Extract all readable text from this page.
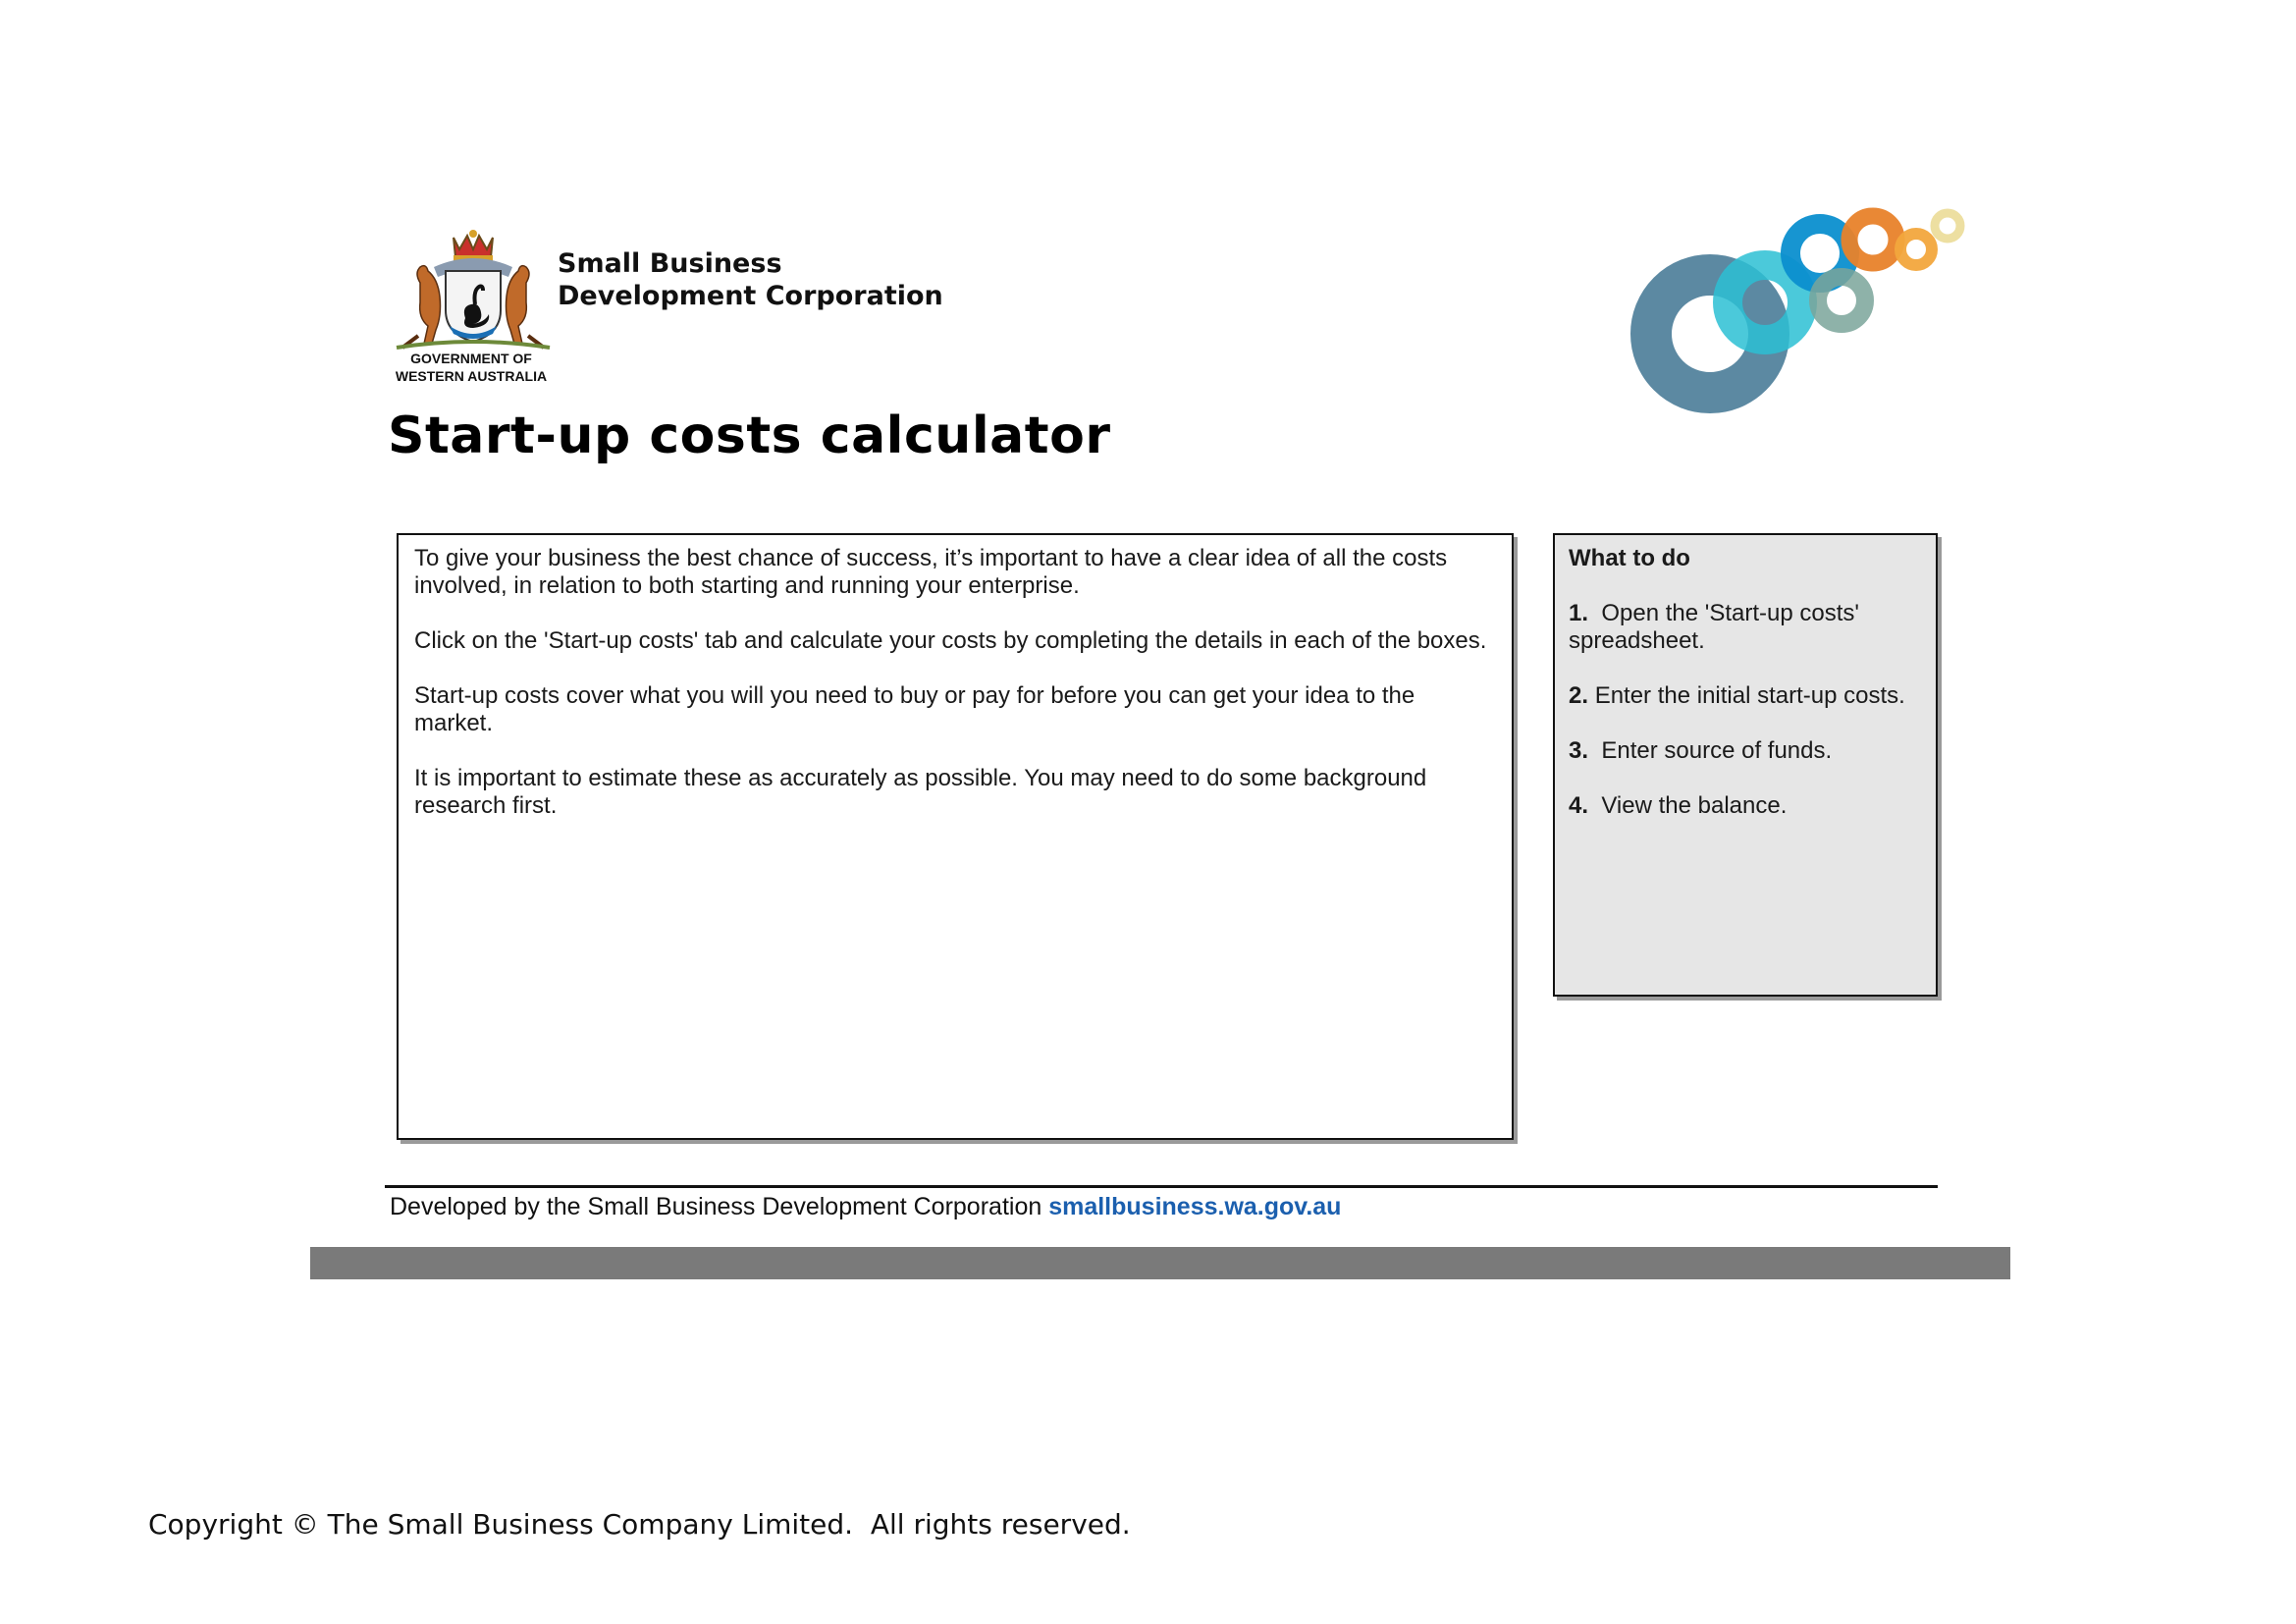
GOVERNMENT OF
WESTERN AUSTRALIA
Small Business
Development Corporation
Start-up costs calculator

To give your business the best chance of success, it’s important to have a clear idea of all the costs involved, in relation to both starting and running your enterprise.

Click on the 'Start-up costs' tab and calculate your costs by completing the details in each of the boxes.

Start-up costs cover what you will you need to buy or pay for before you can get your idea to the market.

It is important to estimate these as accurately as possible. You may need to do some background research first.

What to do
1. Open the 'Start-up costs' spreadsheet.
2. Enter the initial start-up costs.
3. Enter source of funds.
4. View the balance.
Developed by the Small Business Development Corporation smallbusiness.wa.gov.au
Copyright © The Small Business Company Limited.  All rights reserved.
